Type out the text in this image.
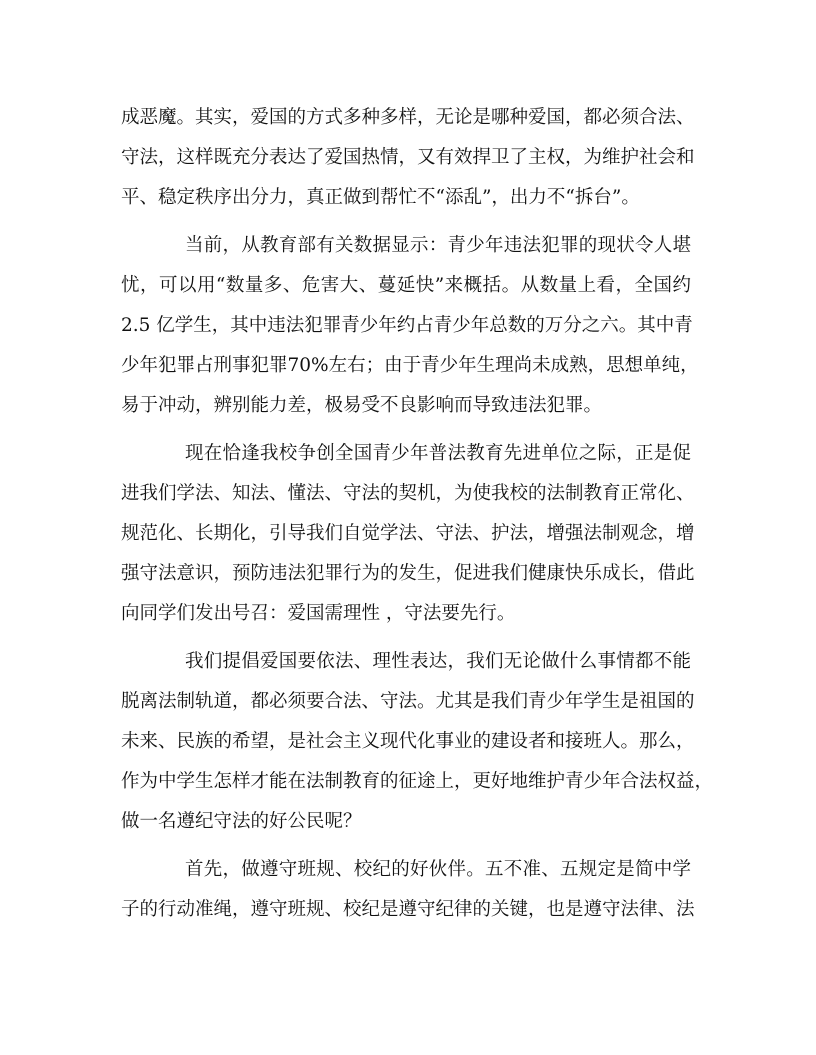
成恶魔。其实，爱国的方式多种多样，无论是哪种爱国，都必须合法、
守法，这样既充分表达了爱国热情，又有效捍卫了主权，为维护社会和
平、稳定秩序出分力，真正做到帮忙不“添乱”，出力不“拆台”。
当前，从教育部有关数据显示：青少年违法犯罪的现状令人堪
忧，可以用“数量多、危害大、蔓延快”来概括。从数量上看，全国约
2.5 亿学生，其中违法犯罪青少年约占青少年总数的万分之六。其中青
少年犯罪占刑事犯罪70%左右；由于青少年生理尚未成熟，思想单纯，
易于冲动，辨别能力差，极易受不良影响而导致违法犯罪。
现在恰逢我校争创全国青少年普法教育先进单位之际，正是促
进我们学法、知法、懂法、守法的契机，为使我校的法制教育正常化、
规范化、长期化，引导我们自觉学法、守法、护法，增强法制观念，增
强守法意识，预防违法犯罪行为的发生，促进我们健康快乐成长，借此
向同学们发出号召：爱国需理性 ，守法要先行。
我们提倡爱国要依法、理性表达，我们无论做什么事情都不能
脱离法制轨道，都必须要合法、守法。尤其是我们青少年学生是祖国的
未来、民族的希望，是社会主义现代化事业的建设者和接班人。那么，
作为中学生怎样才能在法制教育的征途上，更好地维护青少年合法权益，
做一名遵纪守法的好公民呢？
首先，做遵守班规、校纪的好伙伴。五不准、五规定是简中学
子的行动准绳，遵守班规、校纪是遵守纪律的关键，也是遵守法律、法
